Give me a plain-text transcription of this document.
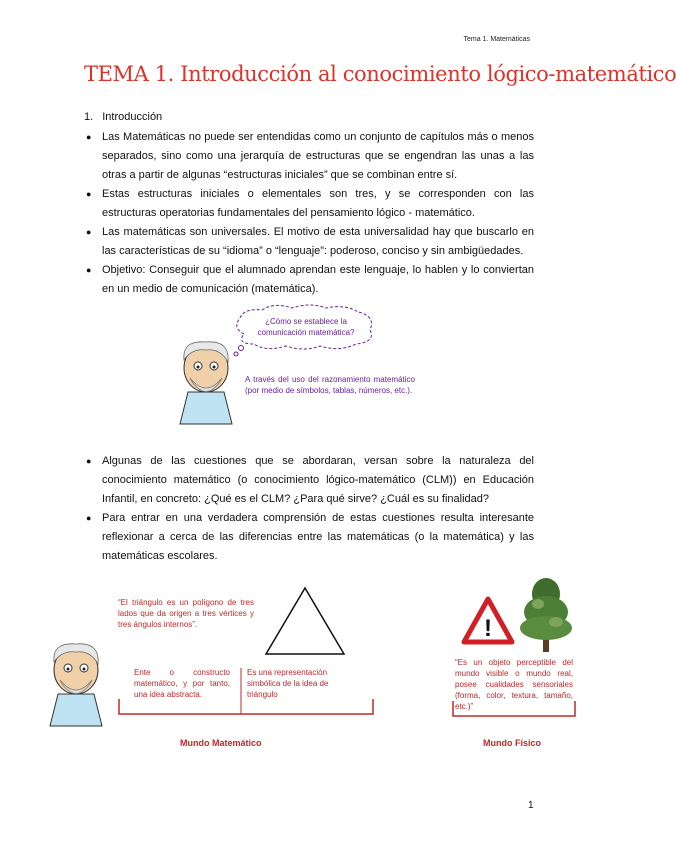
Tema 1. Matemáticas
TEMA 1. Introducción al conocimiento lógico-matemático
1. Introducción
● Las Matemáticas no puede ser entendidas como un conjunto de capítulos más o menos separados, sino como una jerarquía de estructuras que se engendran las unas a las otras a partir de algunas “estructuras iniciales” que se combinan entre sí.
● Estas estructuras iniciales o elementales son tres, y se corresponden con las estructuras operatorias fundamentales del pensamiento lógico - matemático.
● Las matemáticas son universales. El motivo de esta universalidad hay que buscarlo en las características de su “idioma” o “lenguaje”: poderoso, conciso y sin ambigüedades.
● Objetivo: Conseguir que el alumnado aprendan este lenguaje, lo hablen y lo conviertan en un medio de comunicación (matemática).
¿Cómo se establece la comunicación matemática?
A través del uso del razonamiento matemático (por medio de símbolos, tablas, números, etc.).
● Algunas de las cuestiones que se abordaran, versan sobre la naturaleza del conocimiento matemático (o conocimiento lógico-matemático (CLM)) en Educación Infantil, en concreto: ¿Qué es el CLM? ¿Para qué sirve? ¿Cuál es su finalidad?
● Para entrar en una verdadera comprensión de estas cuestiones resulta interesante reflexionar a cerca de las diferencias entre las matemáticas (o la matemática) y las matemáticas escolares.
“El triángulo es un polígono de tres lados que da origen a tres vértices y tres ángulos internos”.
Ente o constructo matemático, y por tanto, una idea abstracta.
Es una representación simbólica de la idea de triángulo
Mundo Matemático
!
“Es un objeto perceptible del mundo visible o mundo real, posee cualidades sensoriales (forma, color, textura, tamaño, etc.)”
Mundo Físico
1
